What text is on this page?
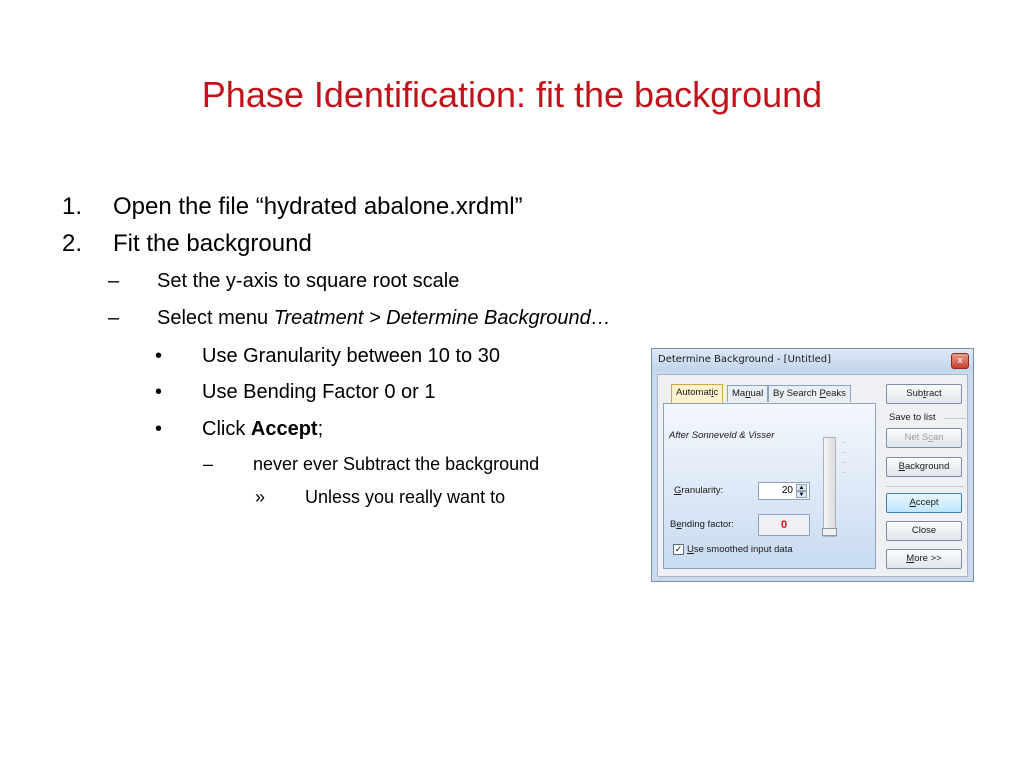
Phase Identification: fit the background
1. Open the file “hydrated abalone.xrdml”
2. Fit the background
– Set the y-axis to square root scale
– Select menu Treatment > Determine Background…
• Use Granularity between 10 to 30
• Use Bending Factor 0 or 1
• Click Accept;
– never ever Subtract the background
» Unless you really want to
Determine Background - [Untitled]	x
Automatic	Manual	By Search Peaks
After Sonneveld & Visser
Granularity:	20 ▲
▼
Bending factor:	0
✓ Use smoothed input data
Subtract
Save to list
Net Scan
Background
Accept
Close
More >>
